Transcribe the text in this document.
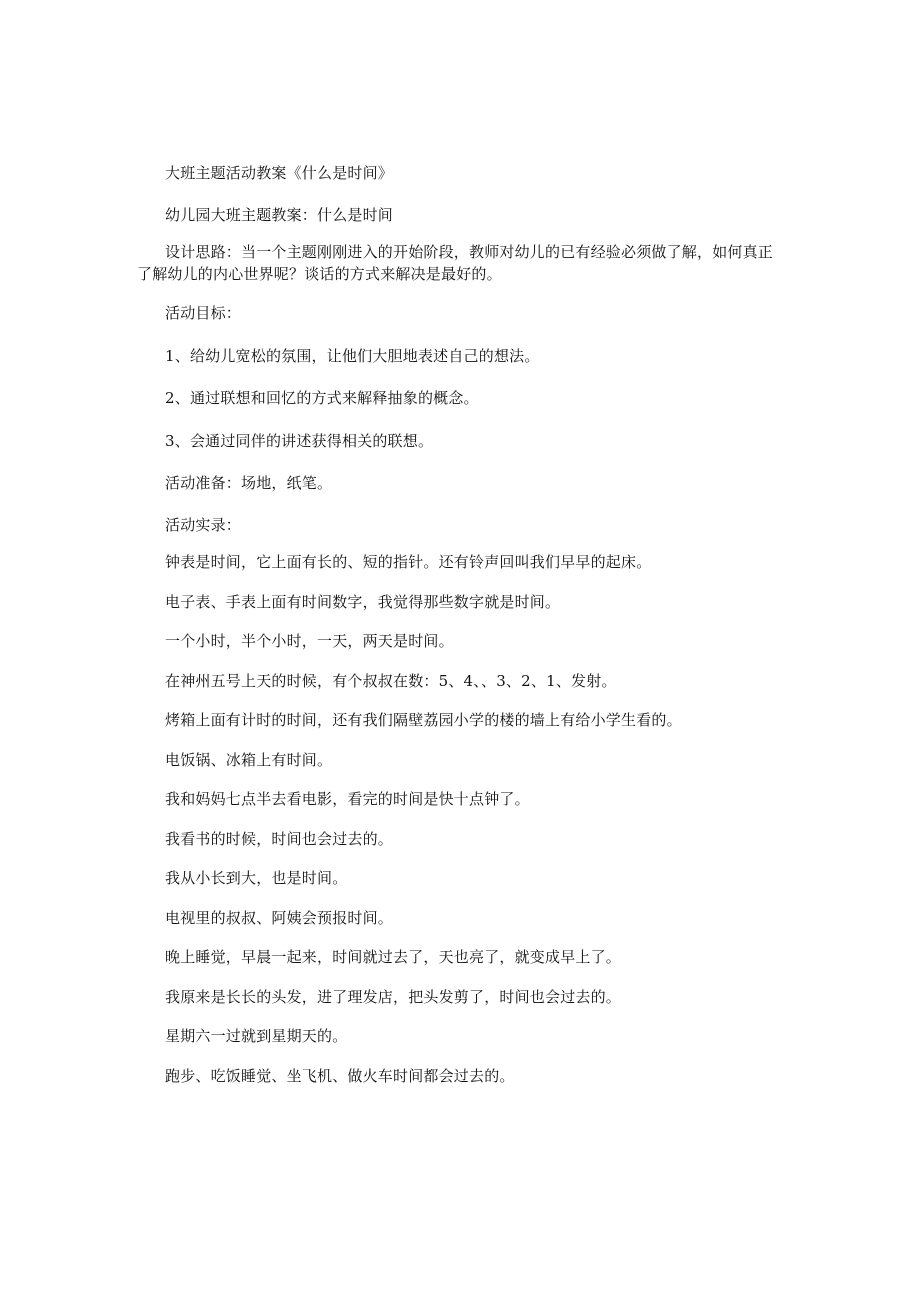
大班主题活动教案《什么是时间》
幼儿园大班主题教案：什么是时间
设计思路：当一个主题刚刚进入的开始阶段，教师对幼儿的已有经验必须做了解，如何真正了解幼儿的内心世界呢？谈话的方式来解决是最好的。
活动目标：
1、给幼儿宽松的氛围，让他们大胆地表述自己的想法。
2、通过联想和回忆的方式来解释抽象的概念。
3、会通过同伴的讲述获得相关的联想。
活动准备：场地，纸笔。
活动实录：
钟表是时间，它上面有长的、短的指针。还有铃声回叫我们早早的起床。
电子表、手表上面有时间数字，我觉得那些数字就是时间。
一个小时，半个小时，一天，两天是时间。
在神州五号上天的时候，有个叔叔在数：5、4、、3、2、1、发射。
烤箱上面有计时的时间，还有我们隔壁荔园小学的楼的墙上有给小学生看的。
电饭锅、冰箱上有时间。
我和妈妈七点半去看电影，看完的时间是快十点钟了。
我看书的时候，时间也会过去的。
我从小长到大，也是时间。
电视里的叔叔、阿姨会预报时间。
晚上睡觉，早晨一起来，时间就过去了，天也亮了，就变成早上了。
我原来是长长的头发，进了理发店，把头发剪了，时间也会过去的。
星期六一过就到星期天的。
跑步、吃饭睡觉、坐飞机、做火车时间都会过去的。
